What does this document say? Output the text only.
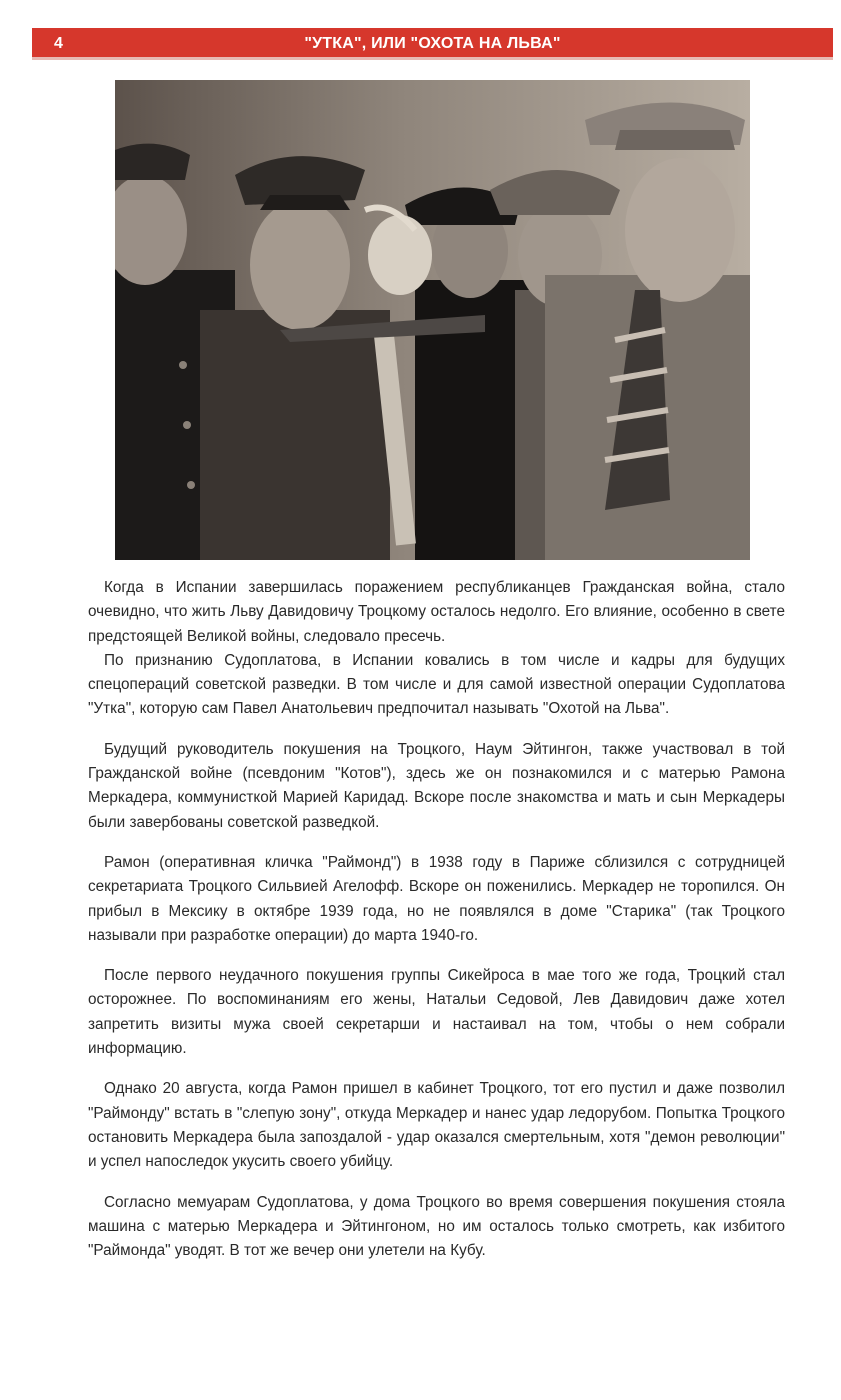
4	"УТКА", ИЛИ "ОХОТА НА ЛЬВА"

Когда в Испании завершилась поражением республиканцев Гражданская война, стало очевидно, что жить Льву Давидовичу Троцкому осталось недолго. Его влияние, особенно в свете предстоящей Великой войны, следовало пресечь.

По признанию Судоплатова, в Испании ковались в том числе и кадры для будущих спецопераций советской разведки. В том числе и для самой известной операции Судоплатова "Утка", которую сам Павел Анатольевич предпочитал называть "Охотой на Льва".

Будущий руководитель покушения на Троцкого, Наум Эйтингон, также участвовал в той Гражданской войне (псевдоним "Котов"), здесь же он познакомился и с матерью Рамона Меркадера, коммунисткой Марией Каридад. Вскоре после знакомства и мать и сын Меркадеры были завербованы советской разведкой.

Рамон (оперативная кличка "Раймонд") в 1938 году в Париже сблизился с сотрудницей секретариата Троцкого Сильвией Агелофф. Вскоре он поженились. Меркадер не торопился. Он прибыл в Мексику в октябре 1939 года, но не появлялся в доме "Старика" (так Троцкого называли при разработке операции) до марта 1940-го.

После первого неудачного покушения группы Сикейроса в мае того же года, Троцкий стал осторожнее. По воспоминаниям его жены, Натальи Седовой, Лев Давидович даже хотел запретить визиты мужа своей секретарши и настаивал на том, чтобы о нем собрали информацию.

Однако 20 августа, когда Рамон пришел в кабинет Троцкого, тот его пустил и даже позволил "Раймонду" встать в "слепую зону", откуда Меркадер и нанес удар ледорубом. Попытка Троцкого остановить Меркадера была запоздалой - удар оказался смертельным, хотя "демон революции" и успел напоследок укусить своего убийцу.

Согласно мемуарам Судоплатова, у дома Троцкого во время совершения покушения стояла машина с матерью Меркадера и Эйтингоном, но им осталось только смотреть, как избитого "Раймонда" уводят. В тот же вечер они улетели на Кубу.
